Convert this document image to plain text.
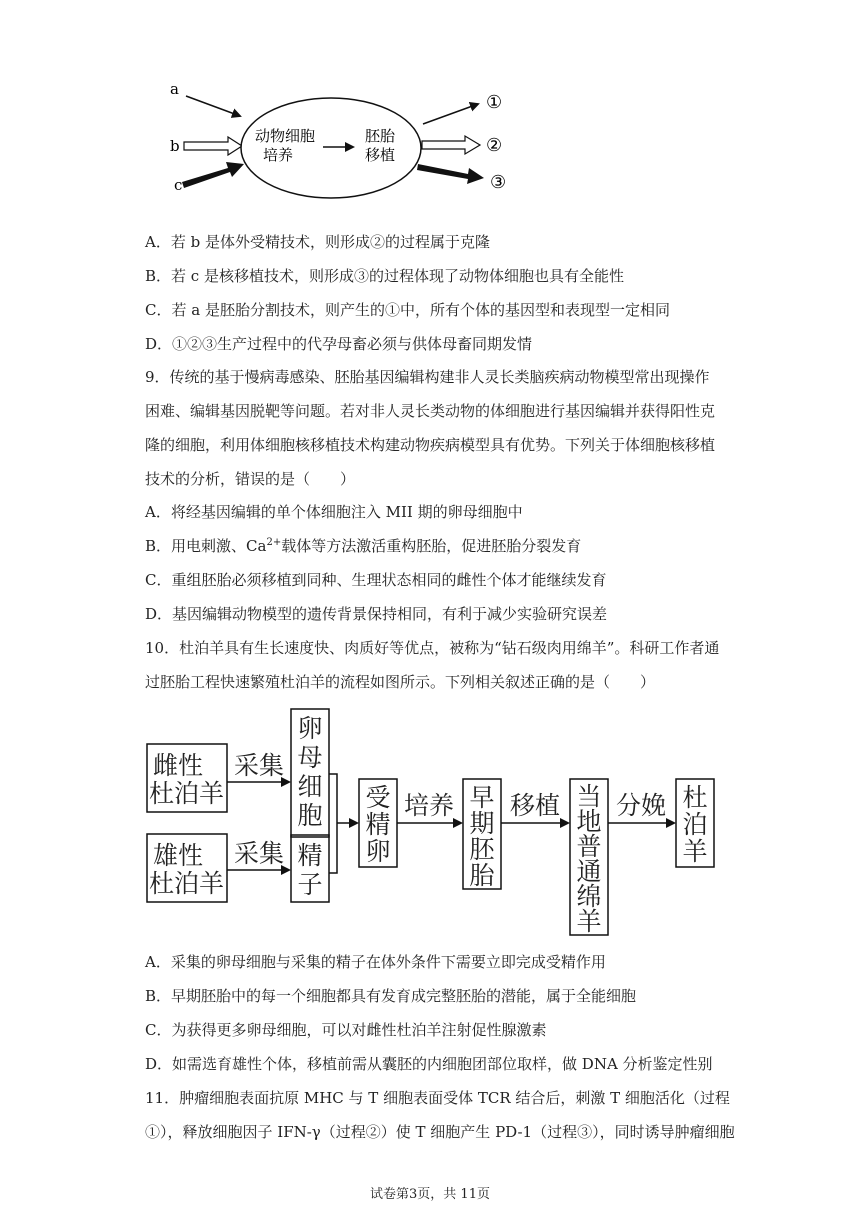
a
b
c
动物细胞
培养
胚胎
移植
①
②
③
A．若 b 是体外受精技术，则形成②的过程属于克隆
B．若 c 是核移植技术，则形成③的过程体现了动物体细胞也具有全能性
C．若 a 是胚胎分割技术，则产生的①中，所有个体的基因型和表现型一定相同
D．①②③生产过程中的代孕母畜必须与供体母畜同期发情
9．传统的基于慢病毒感染、胚胎基因编辑构建非人灵长类脑疾病动物模型常出现操作
困难、编辑基因脱靶等问题。若对非人灵长类动物的体细胞进行基因编辑并获得阳性克
隆的细胞，利用体细胞核移植技术构建动物疾病模型具有优势。下列关于体细胞核移植
技术的分析，错误的是（　　）
A．将经基因编辑的单个体细胞注入 MII 期的卵母细胞中
B．用电刺激、$Ca^{2+}$载体等方法激活重构胚胎，促进胚胎分裂发育
C．重组胚胎必须移植到同种、生理状态相同的雌性个体才能继续发育
D．基因编辑动物模型的遗传背景保持相同，有利于减少实验研究误差
10．杜泊羊具有生长速度快、肉质好等优点，被称为“钻石级肉用绵羊”。科研工作者通
过胚胎工程快速繁殖杜泊羊的流程如图所示。下列相关叙述正确的是（　　）
雌性
杜泊羊
雄性
杜泊羊
采集
采集
卵
母
细
胞
精
子
受
精
卵
培养 早
期
胚
胎
移植 当
地
普
通
绵
羊
分娩 杜
泊
羊
A．采集的卵母细胞与采集的精子在体外条件下需要立即完成受精作用
B．早期胚胎中的每一个细胞都具有发育成完整胚胎的潜能，属于全能细胞
C．为获得更多卵母细胞，可以对雌性杜泊羊注射促性腺激素
D．如需选育雄性个体，移植前需从囊胚的内细胞团部位取样，做 DNA 分析鉴定性别
11．肿瘤细胞表面抗原 MHC 与 T 细胞表面受体 TCR 结合后，刺激 T 细胞活化（过程
①），释放细胞因子 IFN-γ（过程②）使 T 细胞产生 PD-1（过程③），同时诱导肿瘤细胞
试卷第3页，共 11页
